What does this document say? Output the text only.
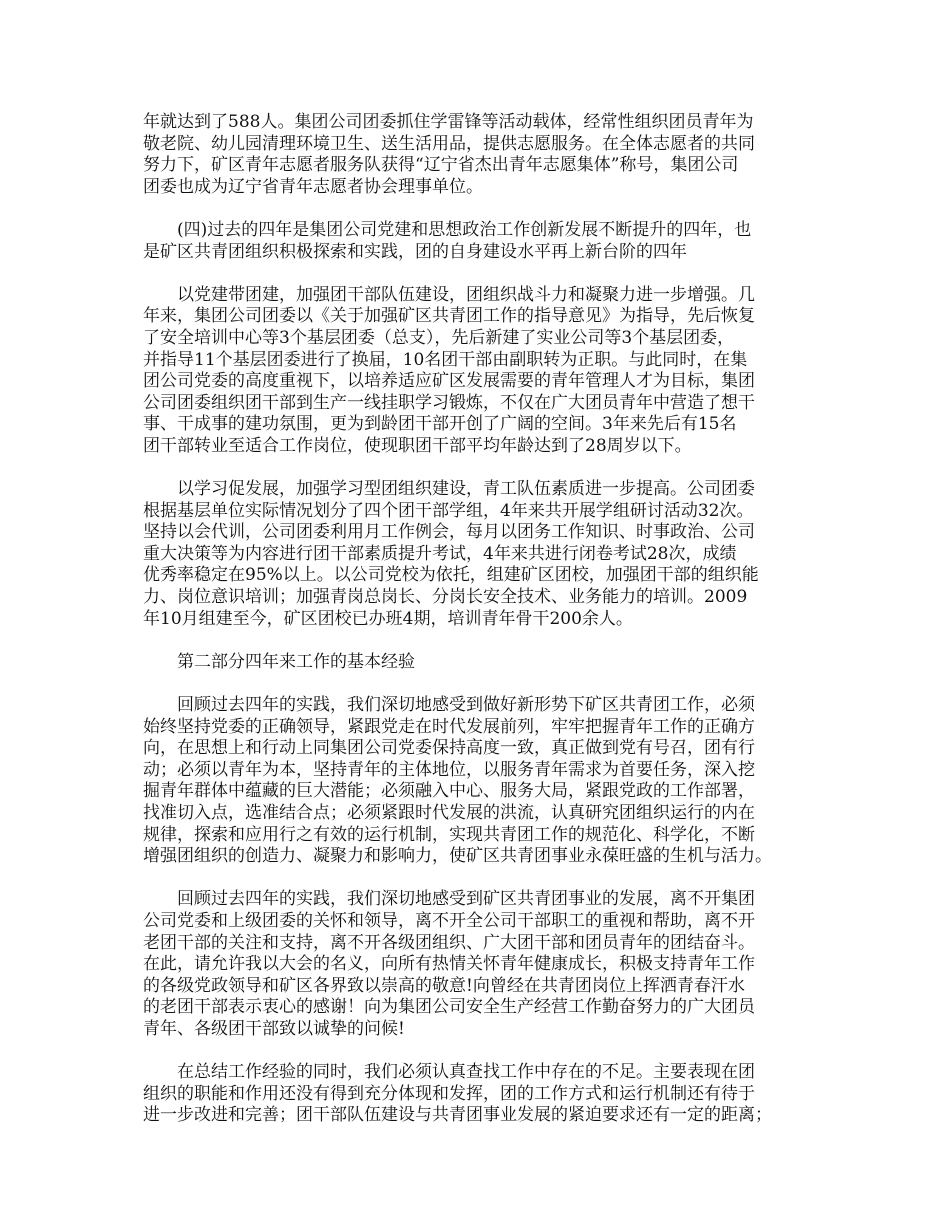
年就达到了588人。集团公司团委抓住学雷锋等活动载体，经常性组织团员青年为
敬老院、幼儿园清理环境卫生、送生活用品，提供志愿服务。在全体志愿者的共同
努力下，矿区青年志愿者服务队获得“辽宁省杰出青年志愿集体”称号，集团公司
团委也成为辽宁省青年志愿者协会理事单位。

(四)过去的四年是集团公司党建和思想政治工作创新发展不断提升的四年，也
是矿区共青团组织积极探索和实践，团的自身建设水平再上新台阶的四年

以党建带团建，加强团干部队伍建设，团组织战斗力和凝聚力进一步增强。几
年来，集团公司团委以《关于加强矿区共青团工作的指导意见》为指导，先后恢复
了安全培训中心等3个基层团委（总支），先后新建了实业公司等3个基层团委，
并指导11个基层团委进行了换届，10名团干部由副职转为正职。与此同时，在集
团公司党委的高度重视下，以培养适应矿区发展需要的青年管理人才为目标，集团
公司团委组织团干部到生产一线挂职学习锻炼，不仅在广大团员青年中营造了想干
事、干成事的建功氛围，更为到龄团干部开创了广阔的空间。3年来先后有15名
团干部转业至适合工作岗位，使现职团干部平均年龄达到了28周岁以下。

以学习促发展，加强学习型团组织建设，青工队伍素质进一步提高。公司团委
根据基层单位实际情况划分了四个团干部学组，4年来共开展学组研讨活动32次。
坚持以会代训，公司团委利用月工作例会，每月以团务工作知识、时事政治、公司
重大决策等为内容进行团干部素质提升考试，4年来共进行闭卷考试28次，成绩
优秀率稳定在95%以上。以公司党校为依托，组建矿区团校，加强团干部的组织能
力、岗位意识培训；加强青岗总岗长、分岗长安全技术、业务能力的培训。2009
年10月组建至今，矿区团校已办班4期，培训青年骨干200余人。

第二部分四年来工作的基本经验

回顾过去四年的实践，我们深切地感受到做好新形势下矿区共青团工作，必须
始终坚持党委的正确领导，紧跟党走在时代发展前列，牢牢把握青年工作的正确方
向，在思想上和行动上同集团公司党委保持高度一致，真正做到党有号召，团有行
动；必须以青年为本，坚持青年的主体地位，以服务青年需求为首要任务，深入挖
掘青年群体中蕴藏的巨大潜能；必须融入中心、服务大局，紧跟党政的工作部署，
找准切入点，选准结合点；必须紧跟时代发展的洪流，认真研究团组织运行的内在
规律，探索和应用行之有效的运行机制，实现共青团工作的规范化、科学化，不断
增强团组织的创造力、凝聚力和影响力，使矿区共青团事业永葆旺盛的生机与活力。

回顾过去四年的实践，我们深切地感受到矿区共青团事业的发展，离不开集团
公司党委和上级团委的关怀和领导，离不开全公司干部职工的重视和帮助，离不开
老团干部的关注和支持，离不开各级团组织、广大团干部和团员青年的团结奋斗。
在此，请允许我以大会的名义，向所有热情关怀青年健康成长，积极支持青年工作
的各级党政领导和矿区各界致以崇高的敬意!向曾经在共青团岗位上挥洒青春汗水
的老团干部表示衷心的感谢！向为集团公司安全生产经营工作勤奋努力的广大团员
青年、各级团干部致以诚挚的问候!

在总结工作经验的同时，我们必须认真查找工作中存在的不足。主要表现在团
组织的职能和作用还没有得到充分体现和发挥，团的工作方式和运行机制还有待于
进一步改进和完善；团干部队伍建设与共青团事业发展的紧迫要求还有一定的距离；
